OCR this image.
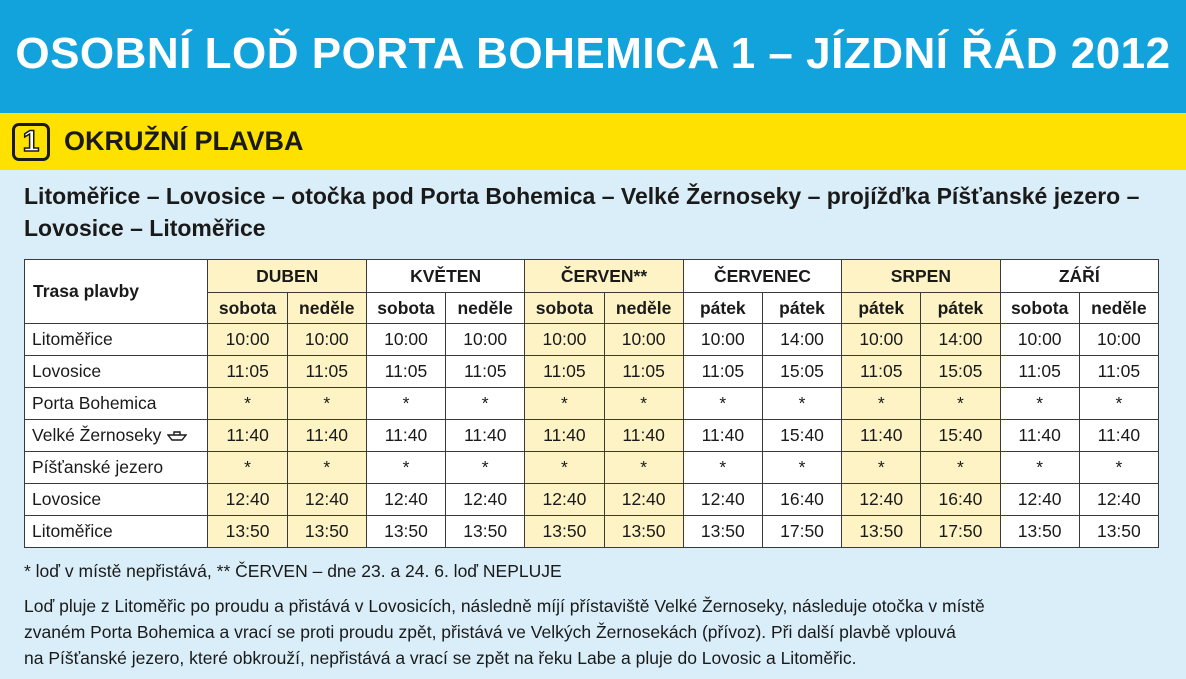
OSOBNÍ LOĎ PORTA BOHEMICA 1 – JÍZDNÍ ŘÁD 2012
1 OKRUŽNÍ PLAVBA
Litoměřice – Lovosice – otočka pod Porta Bohemica – Velké Žernoseky – projížďka Píšťanské jezero – Lovosice – Litoměřice
Trasa plavby	DUBEN		KVĚTEN		ČERVEN**		ČERVENEC		SRPEN		ZÁŘÍ	
	sobota	neděle	sobota	neděle	sobota	neděle	pátek	pátek	pátek	pátek	sobota	neděle
Litoměřice	10:00	10:00	10:00	10:00	10:00	10:00	10:00	14:00	10:00	14:00	10:00	10:00
Lovosice	11:05	11:05	11:05	11:05	11:05	11:05	11:05	15:05	11:05	15:05	11:05	11:05
Porta Bohemica	*	*	*	*	*	*	*	*	*	*	*	*
Velké Žernoseky	11:40	11:40	11:40	11:40	11:40	11:40	11:40	15:40	11:40	15:40	11:40	11:40
Píšťanské jezero	*	*	*	*	*	*	*	*	*	*	*	*
Lovosice	12:40	12:40	12:40	12:40	12:40	12:40	12:40	16:40	12:40	16:40	12:40	12:40
Litoměřice	13:50	13:50	13:50	13:50	13:50	13:50	13:50	17:50	13:50	17:50	13:50	13:50
* loď v místě nepřistává, ** ČERVEN – dne 23. a 24. 6. loď NEPLUJE

Loď pluje z Litoměřic po proudu a přistává v Lovosicích, následně míjí přístaviště Velké Žernoseky, následuje otočka v místě

zvaném Porta Bohemica a vrací se proti proudu zpět, přistává ve Velkých Žernosekách (přívoz). Při další plavbě vplouvá

na Píšťanské jezero, které obkrouží, nepřistává a vrací se zpět na řeku Labe a pluje do Lovosic a Litoměřic.
